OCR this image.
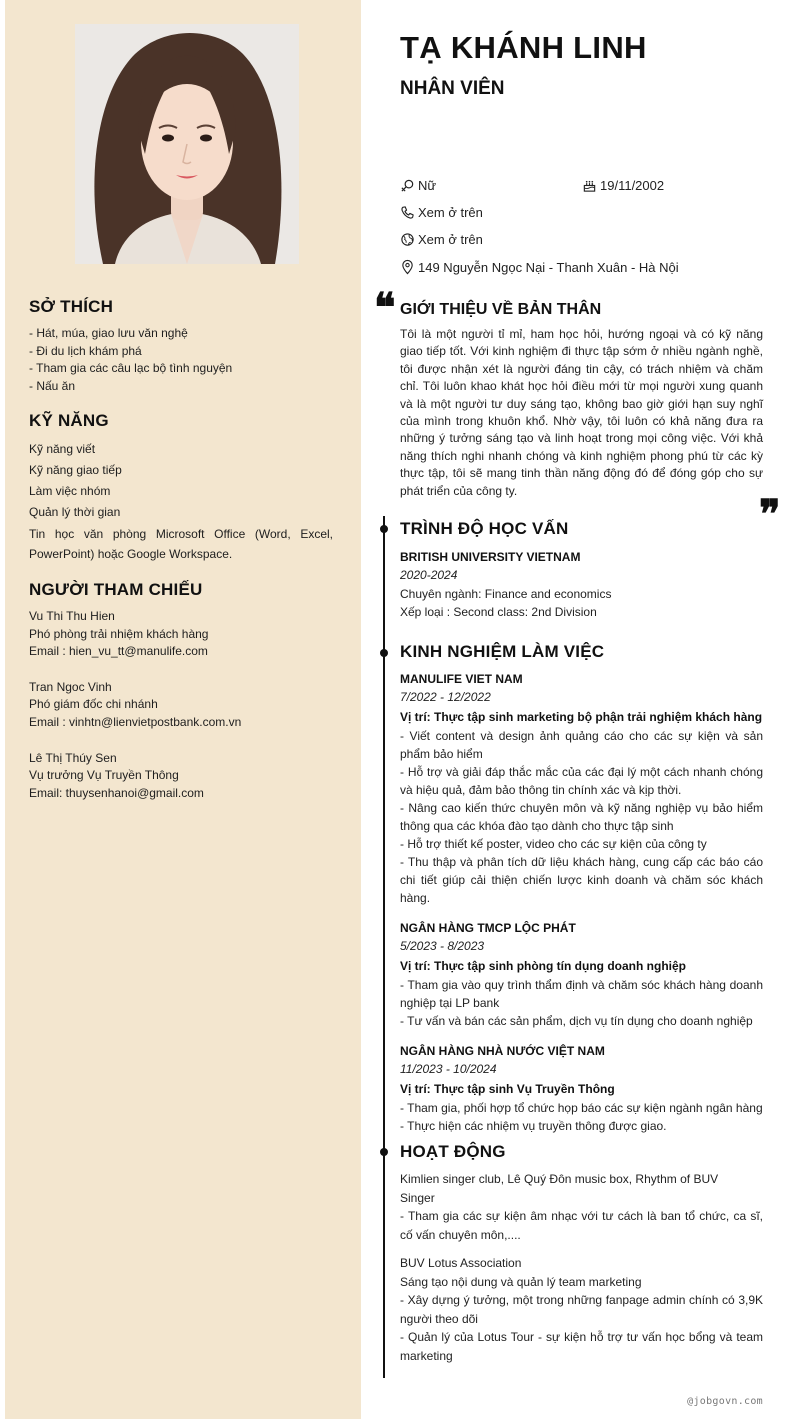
SỞ THÍCH
- Hát, múa, giao lưu văn nghệ
- Đi du lịch khám phá
- Tham gia các câu lạc bộ tình nguyện
- Nấu ăn
KỸ NĂNG
Kỹ năng viết
Kỹ năng giao tiếp
Làm việc nhóm
Quản lý thời gian
Tin học văn phòng Microsoft Office (Word, Excel, PowerPoint) hoặc Google Workspace.
NGƯỜI THAM CHIẾU
Vu Thi Thu Hien
Phó phòng trải nhiệm khách hàng
Email : hien_vu_tt@manulife.com
Tran Ngoc Vinh
Phó giám đốc chi nhánh
Email : vinhtn@lienvietpostbank.com.vn
Lê Thị Thúy Sen
Vụ trưởng Vụ Truyền Thông
Email: thuysenhanoi@gmail.com
TẠ KHÁNH LINH
NHÂN VIÊN
Nữ	19/11/2002
Xem ở trên
Xem ở trên
149 Nguyễn Ngọc Nại - Thanh Xuân - Hà Nội
❝ GIỚI THIỆU VỀ BẢN THÂN
Tôi là một người tỉ mỉ, ham học hỏi, hướng ngoại và có kỹ năng giao tiếp tốt. Với kinh nghiệm đi thực tập sớm ở nhiều ngành nghề, tôi được nhận xét là người đáng tin cậy, có trách nhiệm và chăm chỉ. Tôi luôn khao khát học hỏi điều mới từ mọi người xung quanh và là một người tư duy sáng tạo, không bao giờ giới hạn suy nghĩ của mình trong khuôn khổ. Nhờ vậy, tôi luôn có khả năng đưa ra những ý tưởng sáng tạo và linh hoạt trong mọi công việc. Với khả năng thích nghi nhanh chóng và kinh nghiệm phong phú từ các kỳ thực tập, tôi sẽ mang tinh thần năng động đó để đóng góp cho sự phát triển của công ty.
❞
TRÌNH ĐỘ HỌC VẤN
BRITISH UNIVERSITY VIETNAM
2020-2024
Chuyên ngành: Finance and economics
Xếp loại : Second class: 2nd Division
KINH NGHIỆM LÀM VIỆC
MANULIFE VIET NAM
7/2022 - 12/2022
Vị trí: Thực tập sinh marketing bộ phận trải nghiệm khách hàng
- Viết content và design ảnh quảng cáo cho các sự kiện và sản phẩm bảo hiểm
- Hỗ trợ và giải đáp thắc mắc của các đại lý một cách nhanh chóng và hiệu quả, đảm bảo thông tin chính xác và kịp thời.
- Nâng cao kiến thức chuyên môn và kỹ năng nghiệp vụ bảo hiểm thông qua các khóa đào tạo dành cho thực tập sinh
- Hỗ trợ thiết kế poster, video cho các sự kiện của công ty
- Thu thập và phân tích dữ liệu khách hàng, cung cấp các báo cáo chi tiết giúp cải thiện chiến lược kinh doanh và chăm sóc khách hàng.
NGÂN HÀNG TMCP LỘC PHÁT
5/2023 - 8/2023
Vị trí: Thực tập sinh phòng tín dụng doanh nghiệp
- Tham gia vào quy trình thẩm định và chăm sóc khách hàng doanh nghiệp tại LP bank
- Tư vấn và bán các sản phẩm, dịch vụ tín dụng cho doanh nghiệp
NGÂN HÀNG NHÀ NƯỚC VIỆT NAM
11/2023 - 10/2024
Vị trí: Thực tập sinh Vụ Truyền Thông
- Tham gia, phối hợp tổ chức họp báo các sự kiện ngành ngân hàng
- Thực hiện các nhiệm vụ truyền thông được giao.
HOẠT ĐỘNG
Kimlien singer club, Lê Quý Đôn music box, Rhythm of BUV
Singer
- Tham gia các sự kiện âm nhạc với tư cách là ban tổ chức, ca sĩ, cố vấn chuyên môn,....
BUV Lotus Association
Sáng tạo nội dung và quản lý team marketing
- Xây dựng ý tưởng, một trong những fanpage admin chính có 3,9K người theo dõi
- Quản lý của Lotus Tour - sự kiện hỗ trợ tư vấn học bổng và team marketing
@jobgovn.com
